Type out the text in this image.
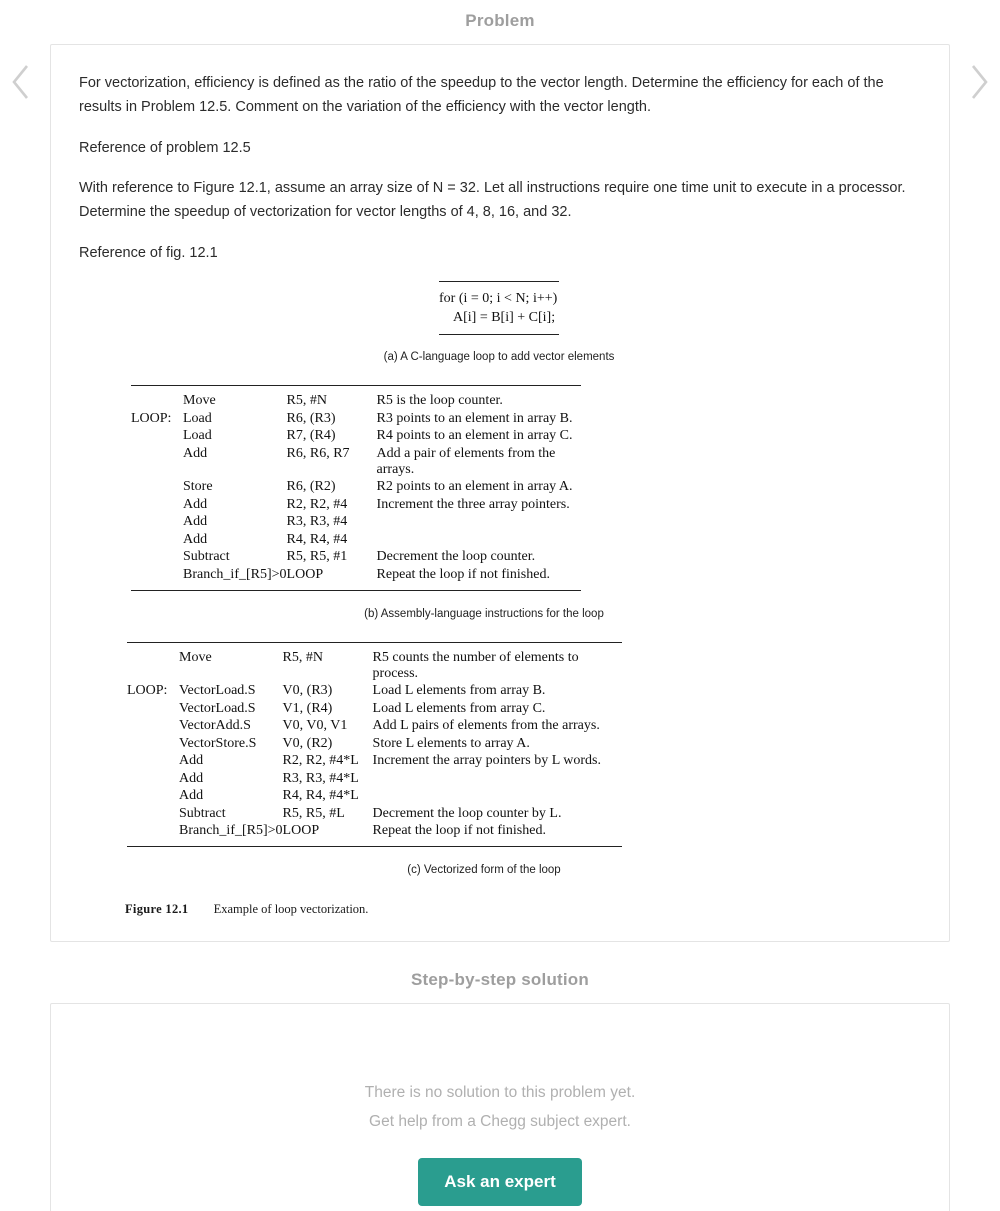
Problem

For vectorization, efficiency is defined as the ratio of the speedup to the vector length. Determine the efficiency for each of the results in Problem 12.5. Comment on the variation of the efficiency with the vector length.

Reference of problem 12.5

With reference to Figure 12.1, assume an array size of N = 32. Let all instructions require one time unit to execute in a processor. Determine the speedup of vectorization for vector lengths of 4, 8, 16, and 32.

Reference of fig. 12.1

for (i = 0; i < N; i++)
A[i] = B[i] + C[i];
(a) A C-language loop to add vector elements
	Move	R5, #N	R5 is the loop counter.
LOOP:	Load	R6, (R3)	R3 points to an element in array B.
	Load	R7, (R4)	R4 points to an element in array C.
	Add	R6, R6, R7	Add a pair of elements from the arrays.
	Store	R6, (R2)	R2 points to an element in array A.
	Add	R2, R2, #4	Increment the three array pointers.
	Add	R3, R3, #4	
	Add	R4, R4, #4	
	Subtract	R5, R5, #1	Decrement the loop counter.
	Branch_if_[R5]>0	LOOP	Repeat the loop if not finished.
(b) Assembly-language instructions for the loop
	Move	R5, #N	R5 counts the number of elements to process.
LOOP:	VectorLoad.S	V0, (R3)	Load L elements from array B.
	VectorLoad.S	V1, (R4)	Load L elements from array C.
	VectorAdd.S	V0, V0, V1	Add L pairs of elements from the arrays.
	VectorStore.S	V0, (R2)	Store L elements to array A.
	Add	R2, R2, #4*L	Increment the array pointers by L words.
	Add	R3, R3, #4*L	
	Add	R4, R4, #4*L	
	Subtract	R5, R5, #L	Decrement the loop counter by L.
	Branch_if_[R5]>0	LOOP	Repeat the loop if not finished.
(c) Vectorized form of the loop
Figure 12.1 Example of loop vectorization.
Step-by-step solution
There is no solution to this problem yet.
Get help from a Chegg subject expert.
Ask an expert
